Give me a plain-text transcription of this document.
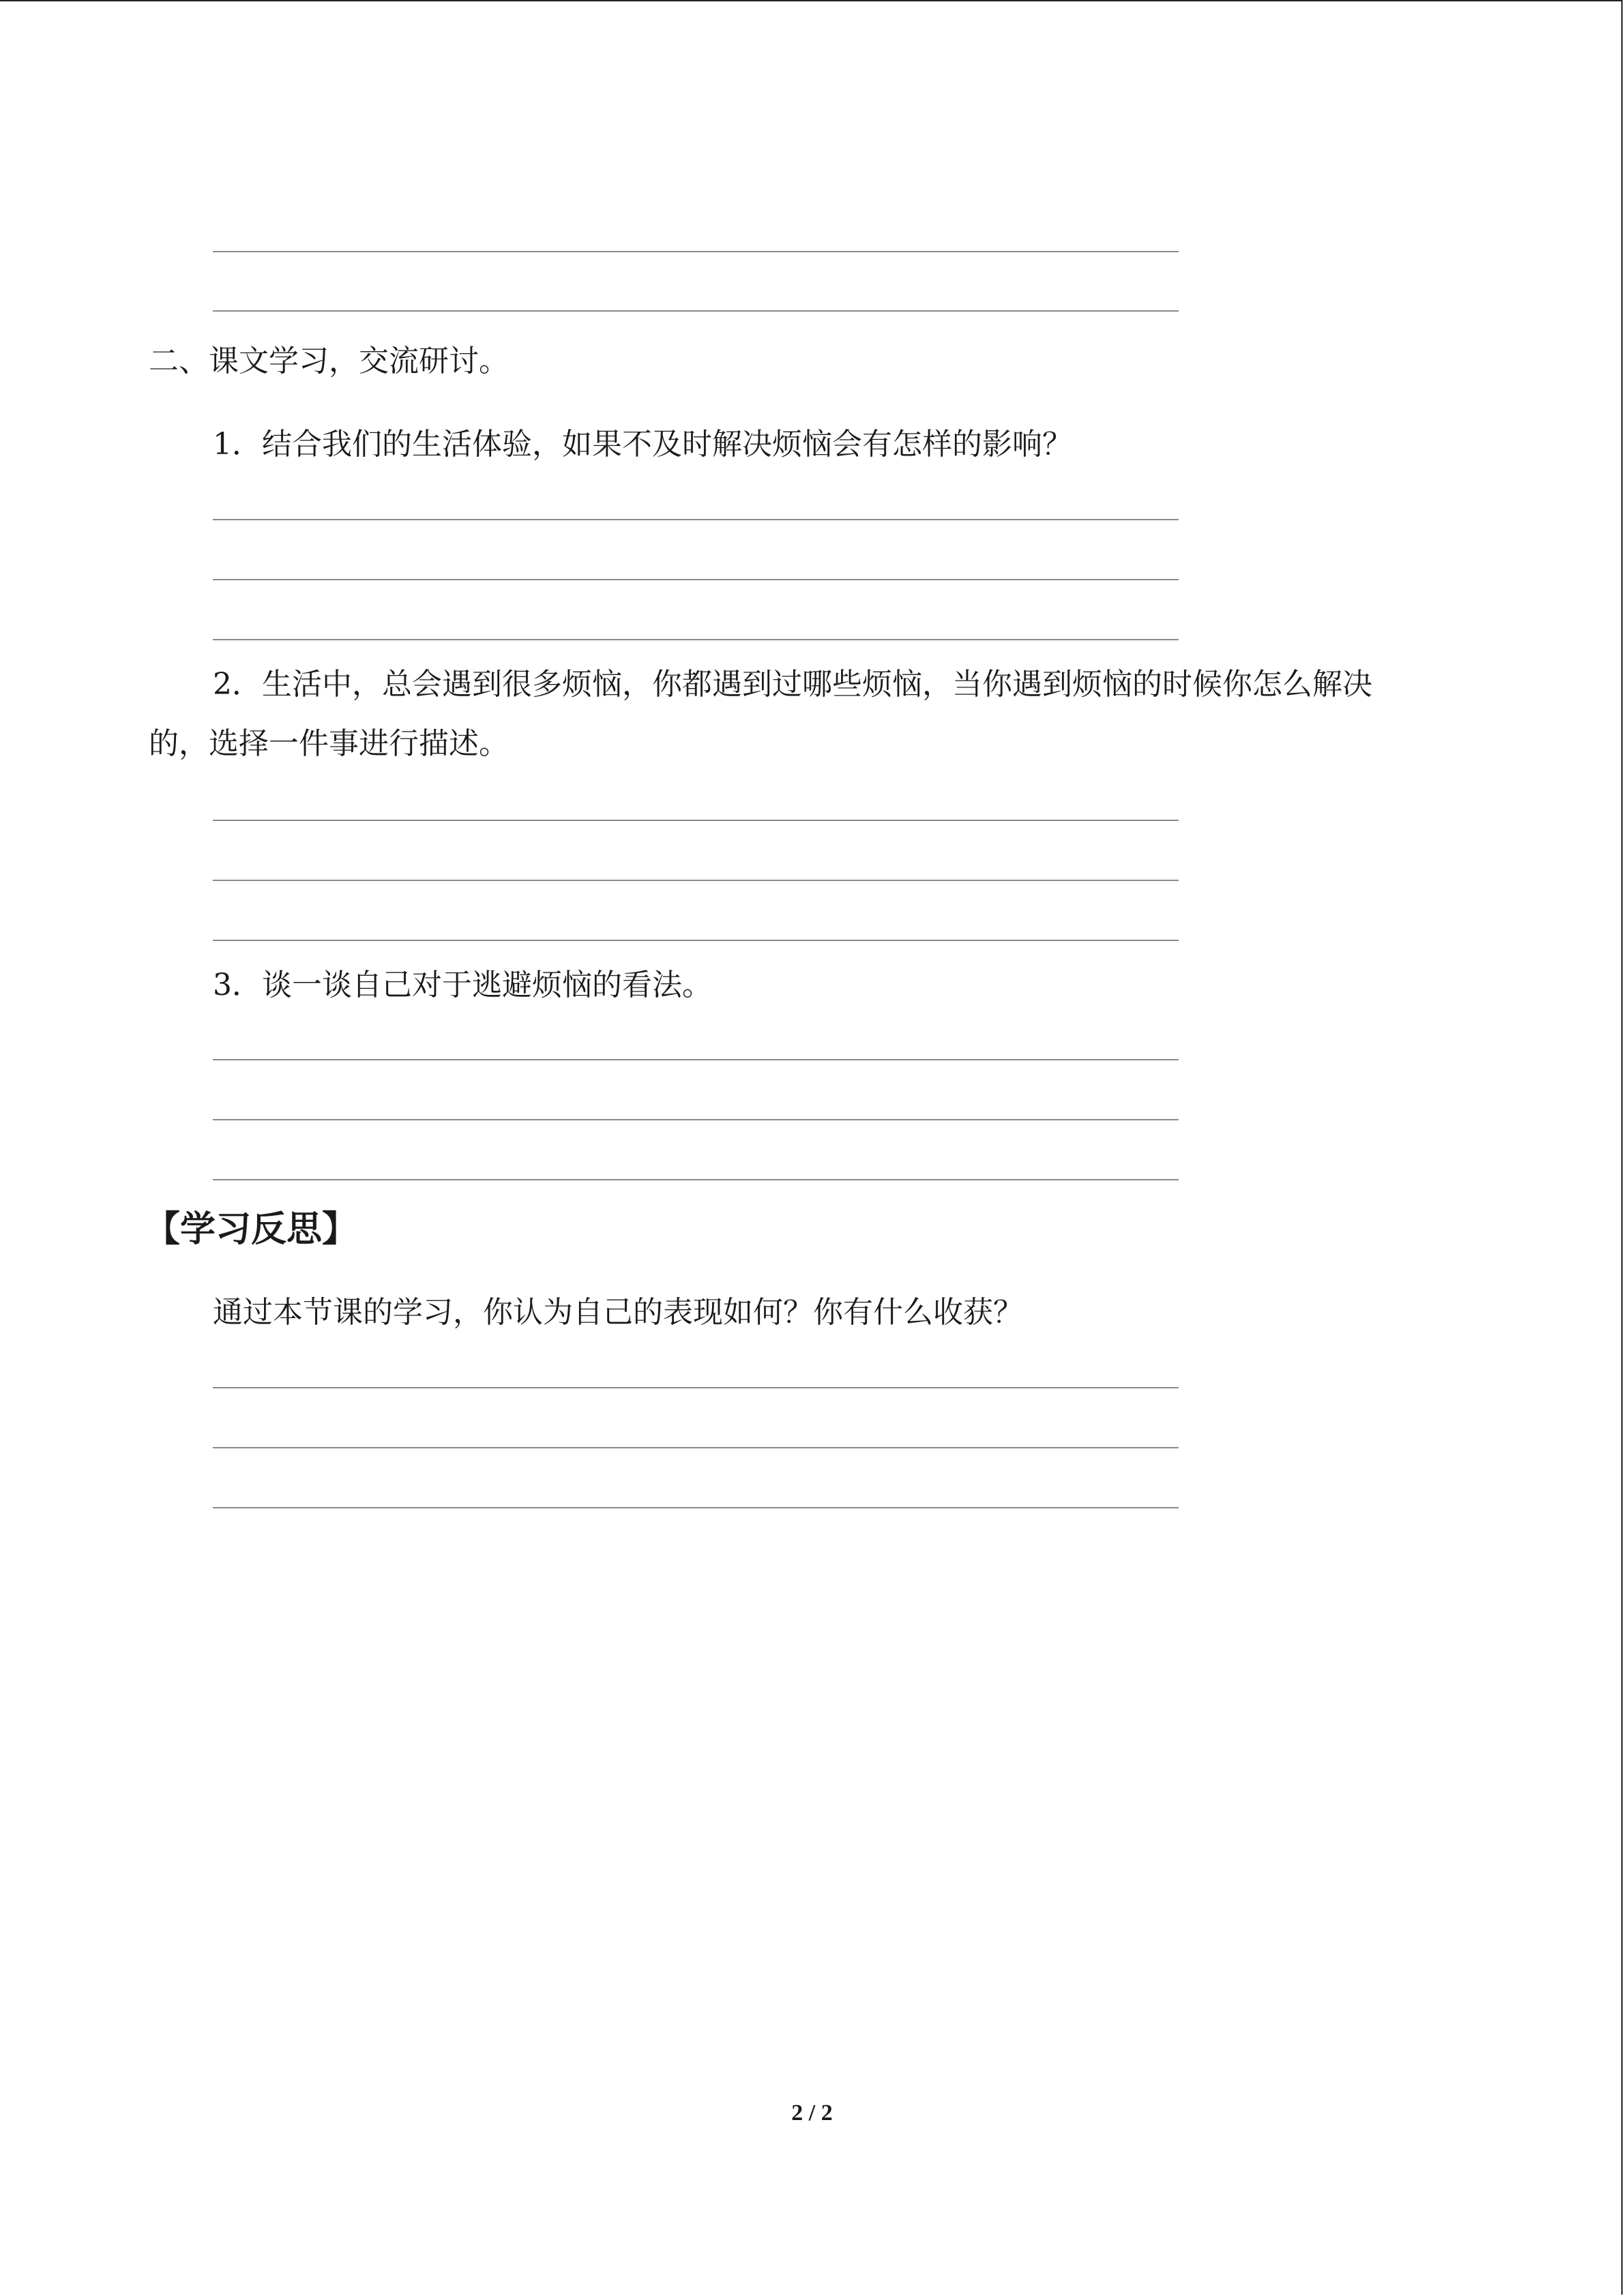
二、课文学习，交流研讨。
1．结合我们的生活体验，如果不及时解决烦恼会有怎样的影响？
2．生活中，总会遇到很多烦恼，你都遇到过哪些烦恼，当你遇到烦恼的时候你怎么解决
的，选择一件事进行描述。
3．谈一谈自己对于逃避烦恼的看法。
【学习反思】
通过本节课的学习，你认为自己的表现如何？你有什么收获？
2 / 2
